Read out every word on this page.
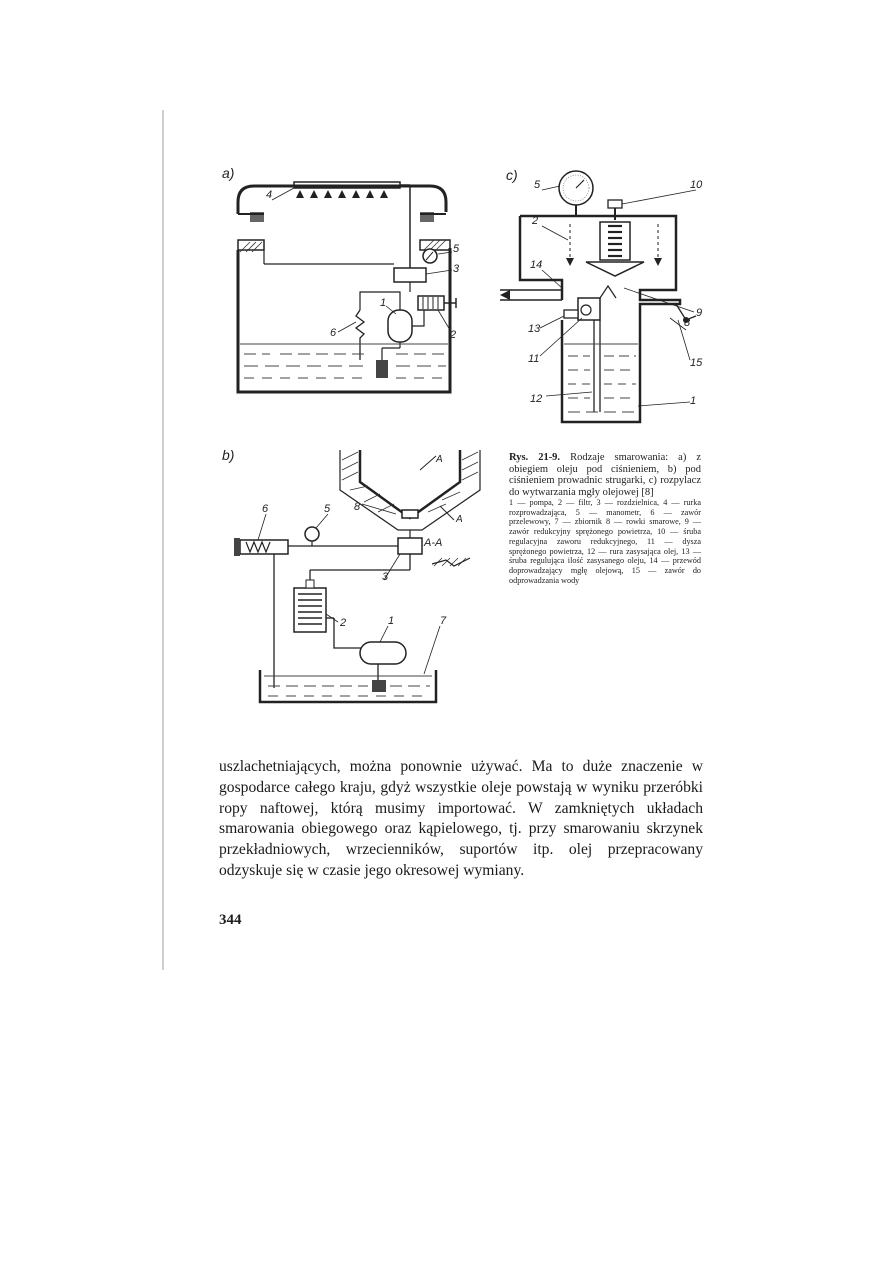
a)
4
5
3
1
6	2
c)
5	10
2
14
9
13	8
11	15
12	1
b)
A-A
6	5 8
3
2	1	7
A
A
Rys. 21-9. Rodzaje smarowania: a) z obiegiem oleju pod ciśnieniem, b) pod ciśnieniem prowadnic strugarki, c) rozpylacz do wytwarzania mgły olejowej [8]
1 — pompa, 2 — filtr, 3 — rozdzielnica, 4 — rurka rozprowadzająca, 5 — manometr, 6 — zawór przelewowy, 7 — zbiornik 8 — rowki smarowe, 9 — zawór redukcyjny sprężonego powietrza, 10 — śruba regulacyjna zaworu redukcyjnego, 11 — dysza sprężonego powietrza, 12 — rura zasysająca olej, 13 — śruba regulująca ilość zasysanego oleju, 14 — przewód doprowadzający mgłę olejową, 15 — zawór do odprowadzania wody
uszlachetniających, można ponownie używać. Ma to duże znaczenie w gospodarce całego kraju, gdyż wszystkie oleje powstają w wyniku przeróbki ropy naftowej, którą musimy importować. W zamkniętych układach smarowania obiegowego oraz kąpielowego, tj. przy smarowaniu skrzynek przekładniowych, wrzecienników, suportów itp. olej przepracowany odzyskuje się w czasie jego okresowej wymiany.
344
